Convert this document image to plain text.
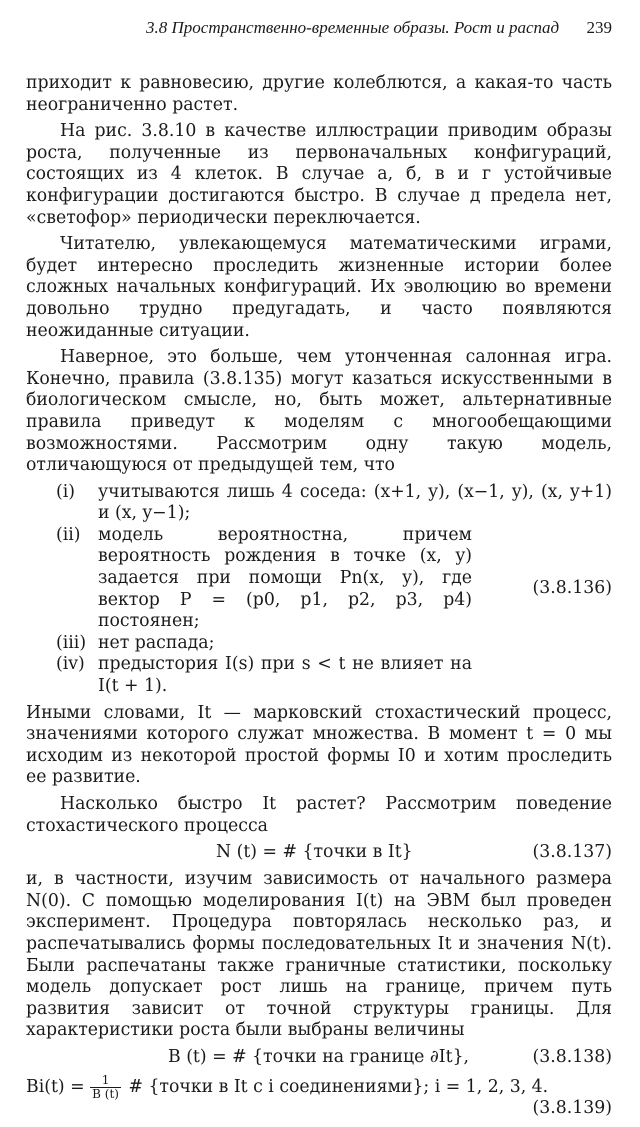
3.8 Пространственно-временные образы. Рост и распад 239

приходит к равновесию, другие колеблются, а какая-то часть неограниченно растет.

На рис. 3.8.10 в качестве иллюстрации приводим образы роста, полученные из первоначальных конфигураций, состоящих из 4 клеток. В случае а, б, в и г устойчивые конфигурации достигаются быстро. В случае д предела нет, «светофор» периодически переключается.

Читателю, увлекающемуся математическими играми, будет интересно проследить жизненные истории более сложных начальных конфигураций. Их эволюцию во времени довольно трудно предугадать, и часто появляются неожиданные ситуации.

Наверное, это больше, чем утонченная салонная игра. Конечно, правила (3.8.135) могут казаться искусственными в биологическом смысле, но, быть может, альтернативные правила приведут к моделям с многообещающими возможностями. Рассмотрим одну такую модель, отличающуюся от предыдущей тем, что

(i) учитываются лишь 4 соседа: (x+1, y), (x−1, y), (x, y+1) и (x, y−1);
(ii) модель вероятностна, причем вероятность рождения в точке (x, y) задается при помощи Pn(x, y), где вектор P = (p0, p1, p2, p3, p4) постоянен;
(iii) нет распада;
(iv) предыстория I(s) при s < t не влияет на I(t + 1).
(3.8.136)

Иными словами, It — марковский стохастический процесс, значениями которого служат множества. В момент t = 0 мы исходим из некоторой простой формы I0 и хотим проследить ее развитие.

Насколько быстро It растет? Рассмотрим поведение стохастического процесса

N (t) = # {точки в It}	(3.8.137)

и, в частности, изучим зависимость от начального размера N(0). С помощью моделирования I(t) на ЭВМ был проведен эксперимент. Процедура повторялась несколько раз, и распечатывались формы последовательных It и значения N(t). Были распечатаны также граничные статистики, поскольку модель допускает рост лишь на границе, причем путь развития зависит от точной структуры границы. Для характеристики роста были выбраны величины

B (t) = # {точки на границе ∂It},	(3.8.138)
$Bi(t) = \frac{1}{B (t)}$ # {точки в It с i соединениями}; i = 1, 2, 3, 4.
(3.8.139)
